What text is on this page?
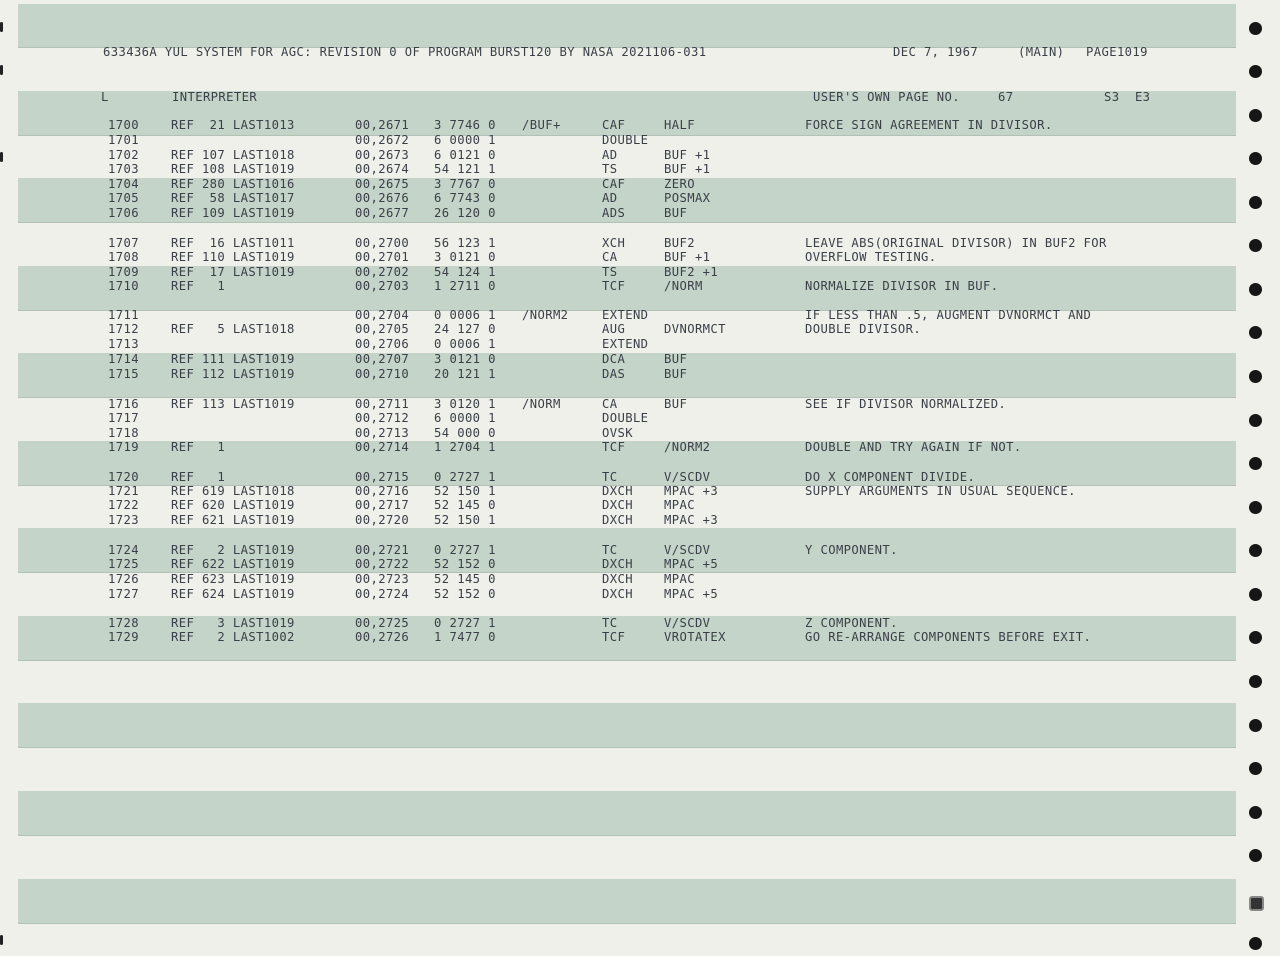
633436A YUL SYSTEM FOR AGC: REVISION 0 OF PROGRAM BURST120 BY NASA 2021106-031	DEC 7, 1967	(MAIN) PAGE1019
L	INTERPRETER	USER'S OWN PAGE NO.	67	S3  E3
1700	REF  21 LAST1013	00,2671 3 7746 0 /BUF+	CAF	HALF	FORCE SIGN AGREEMENT IN DIVISOR.
1701	00,2672 6 0000 1	DOUBLE
1702	REF 107 LAST1018	00,2673 6 0121 0	AD	BUF +1
1703	REF 108 LAST1019	00,2674 54 121 1	TS	BUF +1
1704	REF 280 LAST1016	00,2675 3 7767 0	CAF	ZERO
1705	REF  58 LAST1017	00,2676 6 7743 0	AD	POSMAX
1706	REF 109 LAST1019	00,2677 26 120 0	ADS	BUF
1707	REF  16 LAST1011	00,2700 56 123 1	XCH	BUF2	LEAVE ABS(ORIGINAL DIVISOR) IN BUF2 FOR
1708	REF 110 LAST1019	00,2701 3 0121 0	CA	BUF +1	OVERFLOW TESTING.
1709	REF  17 LAST1019	00,2702 54 124 1	TS	BUF2 +1
1710	REF   1	00,2703 1 2711 0	TCF	/NORM	NORMALIZE DIVISOR IN BUF.
1711	00,2704 0 0006 1 /NORM2	EXTEND	IF LESS THAN .5, AUGMENT DVNORMCT AND
1712	REF   5 LAST1018	00,2705 24 127 0	AUG	DVNORMCT	DOUBLE DIVISOR.
1713	00,2706 0 0006 1	EXTEND
1714	REF 111 LAST1019	00,2707 3 0121 0	DCA	BUF
1715	REF 112 LAST1019	00,2710 20 121 1	DAS	BUF
1716	REF 113 LAST1019	00,2711 3 0120 1 /NORM	CA	BUF	SEE IF DIVISOR NORMALIZED.
1717	00,2712 6 0000 1	DOUBLE
1718	00,2713 54 000 0	OVSK
1719	REF   1	00,2714 1 2704 1	TCF	/NORM2	DOUBLE AND TRY AGAIN IF NOT.
1720	REF   1	00,2715 0 2727 1	TC	V/SCDV	DO X COMPONENT DIVIDE.
1721	REF 619 LAST1018	00,2716 52 150 1	DXCH	MPAC +3	SUPPLY ARGUMENTS IN USUAL SEQUENCE.
1722	REF 620 LAST1019	00,2717 52 145 0	DXCH	MPAC
1723	REF 621 LAST1019	00,2720 52 150 1	DXCH	MPAC +3
1724	REF   2 LAST1019	00,2721 0 2727 1	TC	V/SCDV	Y COMPONENT.
1725	REF 622 LAST1019	00,2722 52 152 0	DXCH	MPAC +5
1726	REF 623 LAST1019	00,2723 52 145 0	DXCH	MPAC
1727	REF 624 LAST1019	00,2724 52 152 0	DXCH	MPAC +5
1728	REF   3 LAST1019	00,2725 0 2727 1	TC	V/SCDV	Z COMPONENT.
1729	REF   2 LAST1002	00,2726 1 7477 0	TCF	VROTATEX	GO RE-ARRANGE COMPONENTS BEFORE EXIT.
